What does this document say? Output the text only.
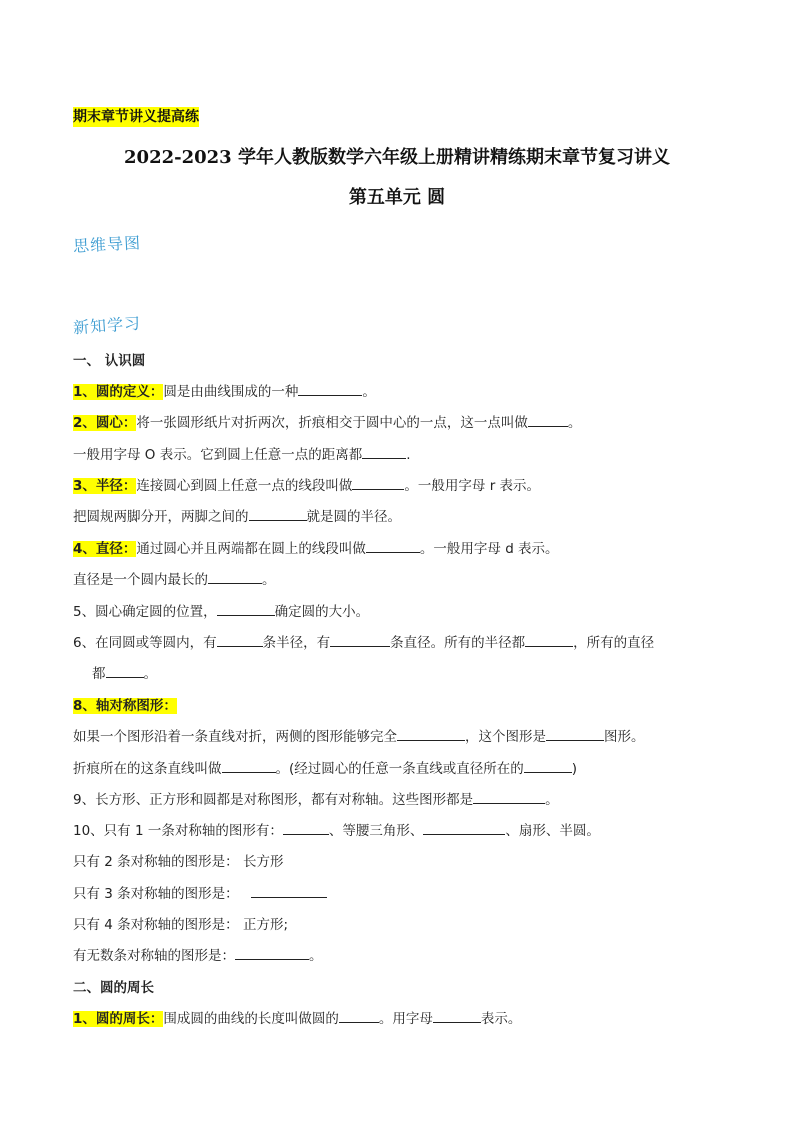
期末章节讲义提高练
2022-2023 学年人教版数学六年级上册精讲精练期末章节复习讲义
第五单元 圆
思维导图
新知学习
一、 认识圆
1、圆的定义：圆是由曲线围成的一种	。
2、圆心：将一张圆形纸片对折两次，折痕相交于圆中心的一点，这一点叫做	。
一般用字母 O 表示。它到圆上任意一点的距离都	.
3、半径：连接圆心到圆上任意一点的线段叫做	。一般用字母 r 表示。
把圆规两脚分开，两脚之间的	就是圆的半径。
4、直径：通过圆心并且两端都在圆上的线段叫做	。一般用字母 d 表示。
直径是一个圆内最长的	。
5、圆心确定圆的位置，	确定圆的大小。
6、在同圆或等圆内，有	条半径，有	条直径。所有的半径都	，所有的直径
都	。
8、轴对称图形：
如果一个图形沿着一条直线对折，两侧的图形能够完全	，这个图形是	图形。
折痕所在的这条直线叫做	。(经过圆心的任意一条直线或直径所在的	)
9、长方形、正方形和圆都是对称图形，都有对称轴。这些图形都是	。
10、只有 1 一条对称轴的图形有：	、等腰三角形、	、扇形、半圆。
只有 2 条对称轴的图形是： 长方形
只有 3 条对称轴的图形是：
只有 4 条对称轴的图形是： 正方形;
有无数条对称轴的图形是：	。
二、圆的周长
1、圆的周长：围成圆的曲线的长度叫做圆的	。用字母	表示。
